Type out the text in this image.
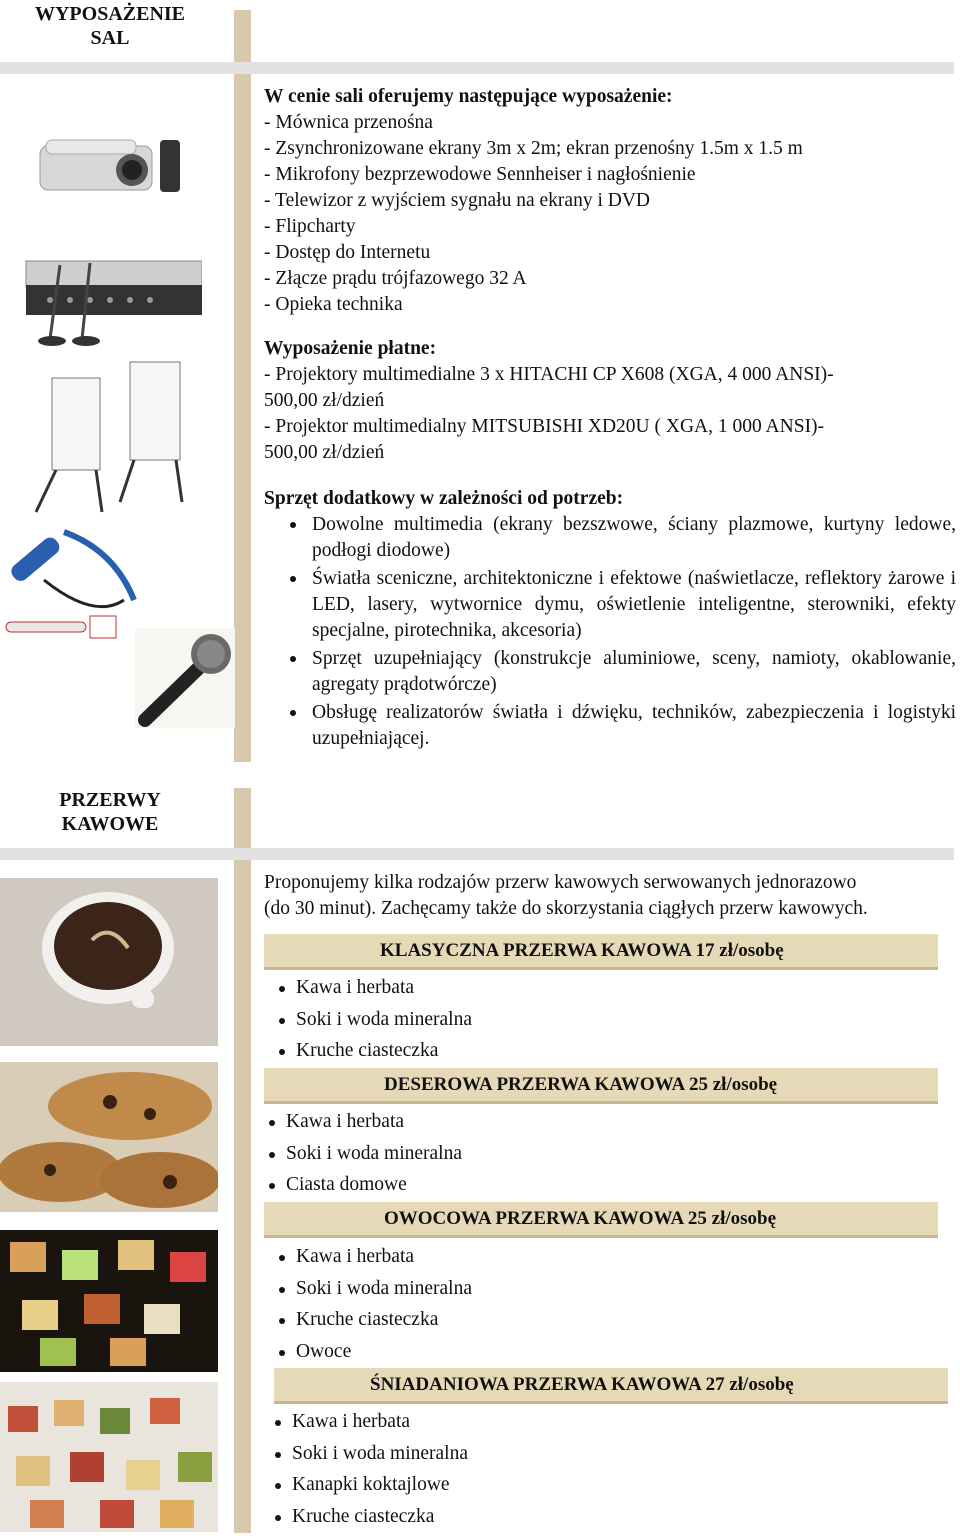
WYPOSAŻENIE
SAL
W cenie sali oferujemy następujące wyposażenie:
- Mównica przenośna
- Zsynchronizowane ekrany 3m x 2m; ekran przenośny 1.5m x 1.5 m
- Mikrofony bezprzewodowe Sennheiser i nagłośnienie
- Telewizor z wyjściem sygnału na ekrany i DVD
- Flipcharty
- Dostęp do Internetu
- Złącze prądu trójfazowego 32 A
- Opieka technika
Wyposażenie płatne:
- Projektory multimedialne 3 x HITACHI CP X608 (XGA, 4 000 ANSI)-
500,00 zł/dzień
- Projektor multimedialny MITSUBISHI XD20U ( XGA, 1 000 ANSI)-
500,00 zł/dzień
Sprzęt dodatkowy w zależności od potrzeb:
Dowolne multimedia (ekrany bezszwowe, ściany plazmowe, kurtyny ledowe, podłogi diodowe)
Światła sceniczne, architektoniczne i efektowe (naświetlacze, reflektory żarowe i LED, lasery, wytwornice dymu, oświetlenie inteligentne, sterowniki, efekty specjalne, pirotechnika, akcesoria)
Sprzęt uzupełniający (konstrukcje aluminiowe, sceny, namioty, okablowanie, agregaty prądotwórcze)
Obsługę realizatorów światła i dźwięku, techników, zabezpieczenia i logistyki uzupełniającej.
PRZERWY
KAWOWE
Proponujemy kilka rodzajów przerw kawowych serwowanych jednorazowo
(do 30 minut). Zachęcamy także do skorzystania ciągłych przerw kawowych.
KLASYCZNA PRZERWA KAWOWA 17 zł/osobę
Kawa i herbata
Soki i woda mineralna
Kruche ciasteczka
DESEROWA PRZERWA KAWOWA 25 zł/osobę
Kawa i herbata
Soki i woda mineralna
Ciasta domowe
OWOCOWA PRZERWA KAWOWA 25 zł/osobę
Kawa i herbata
Soki i woda mineralna
Kruche ciasteczka
Owoce
ŚNIADANIOWA PRZERWA KAWOWA 27 zł/osobę
Kawa i herbata
Soki i woda mineralna
Kanapki koktajlowe
Kruche ciasteczka
